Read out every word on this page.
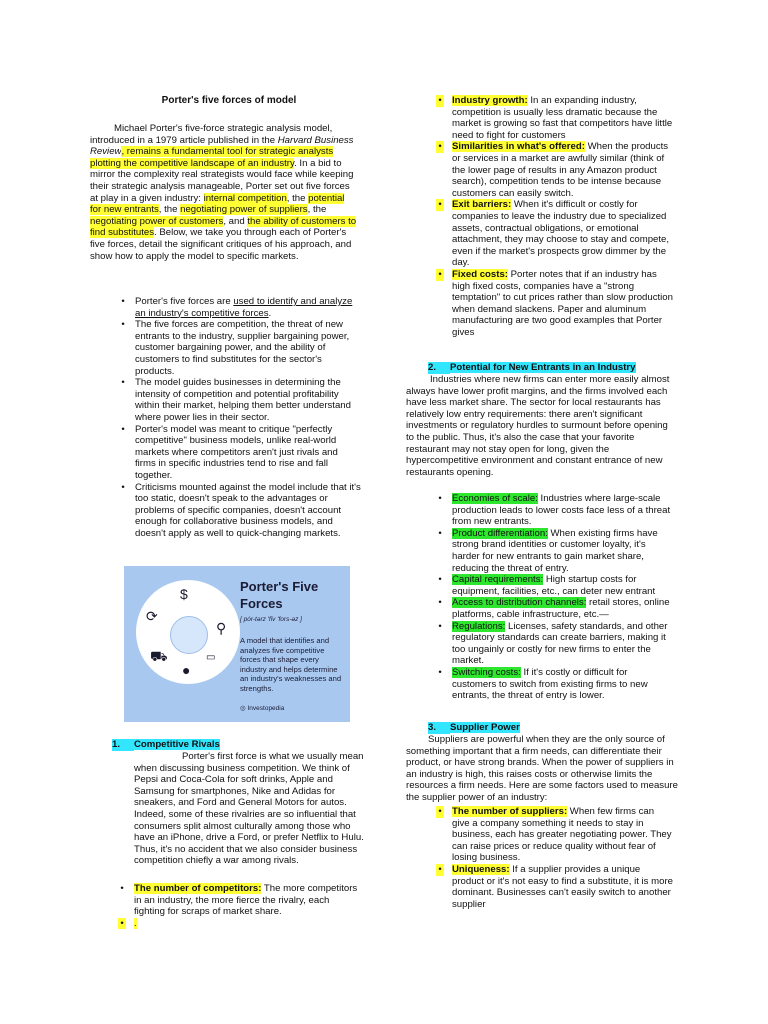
Porter's five forces of model

Michael Porter's five-force strategic analysis model, introduced in a 1979 article published in the Harvard Business Review, remains a fundamental tool for strategic analysts plotting the competitive landscape of an industry. In a bid to mirror the complexity real strategists would face while keeping their strategic analysis manageable, Porter set out five forces at play in a given industry: internal competition, the potential for new entrants, the negotiating power of suppliers, the negotiating power of customers, and the ability of customers to find substitutes. Below, we take you through each of Porter's five forces, detail the significant critiques of his approach, and show how to apply the model to specific markets.

• Porter's five forces are used to identify and analyze an industry's competitive forces.
• The five forces are competition, the threat of new entrants to the industry, supplier bargaining power, customer bargaining power, and the ability of customers to find substitutes for the sector's products.
• The model guides businesses in determining the intensity of competition and potential profitability within their market, helping them better understand where power lies in their sector.
• Porter's model was meant to critique "perfectly competitive" business models, unlike real-world markets where competitors aren't just rivals and firms in specific industries tend to rise and fall together.
• Criticisms mounted against the model include that it's too static, doesn't speak to the advantages or problems of specific companies, doesn't account enough for collaborative business models, and doesn't apply as well to quick-changing markets.
⟳
$
⚲
⛟
●
▭
Porter's Five Forces
[ pȯr-tərz 'fīv 'fors-əz ]
A model that identifies and analyzes five competitive forces that shape every industry and helps determine an industry's weaknesses and strengths.
◎ Investopedia
1. Competitive Rivals

Porter's first force is what we usually mean when discussing business competition. We think of Pepsi and Coca-Cola for soft drinks, Apple and Samsung for smartphones, Nike and Adidas for sneakers, and Ford and General Motors for autos. Indeed, some of these rivalries are so influential that consumers split almost culturally among those who have an iPhone, drive a Ford, or prefer Netflix to Hulu. Thus, it's no accident that we also consider business competition chiefly a war among rivals.

• The number of competitors: The more competitors in an industry, the more fierce the rivalry, each fighting for scraps of market share.
• .
• Industry growth: In an expanding industry, competition is usually less dramatic because the market is growing so fast that competitors have little need to fight for customers
• Similarities in what's offered: When the products or services in a market are awfully similar (think of the lower page of results in any Amazon product search), competition tends to be intense because customers can easily switch.
• Exit barriers: When it's difficult or costly for companies to leave the industry due to specialized assets, contractual obligations, or emotional attachment, they may choose to stay and compete, even if the market's prospects grow dimmer by the day.
• Fixed costs: Porter notes that if an industry has high fixed costs, companies have a "strong temptation" to cut prices rather than slow production when demand slackens. Paper and aluminum manufacturing are two good examples that Porter gives
2. Potential for New Entrants in an Industry

Industries where new firms can enter more easily almost always have lower profit margins, and the firms involved each have less market share. The sector for local restaurants has relatively low entry requirements: there aren't significant investments or regulatory hurdles to surmount before opening to the public. Thus, it's also the case that your favorite restaurant may not stay open for long, given the hypercompetitive environment and constant entrance of new restaurants opening.

• Economies of scale: Industries where large-scale production leads to lower costs face less of a threat from new entrants.
• Product differentiation: When existing firms have strong brand identities or customer loyalty, it's harder for new entrants to gain market share, reducing the threat of entry.
• Capital requirements: High startup costs for equipment, facilities, etc., can deter new entrant
• Access to distribution channels: retail stores, online platforms, cable infrastructure, etc.—
• Regulations: Licenses, safety standards, and other regulatory standards can create barriers, making it too ungainly or costly for new firms to enter the market.
• Switching costs: If it's costly or difficult for customers to switch from existing firms to new entrants, the threat of entry is lower.
3. Supplier Power

Suppliers are powerful when they are the only source of something important that a firm needs, can differentiate their product, or have strong brands. When the power of suppliers in an industry is high, this raises costs or otherwise limits the resources a firm needs. Here are some factors used to measure the supplier power of an industry:

• The number of suppliers: When few firms can give a company something it needs to stay in business, each has greater negotiating power. They can raise prices or reduce quality without fear of losing business.
• Uniqueness: If a supplier provides a unique product or it's not easy to find a substitute, it is more dominant. Businesses can't easily switch to another supplier
